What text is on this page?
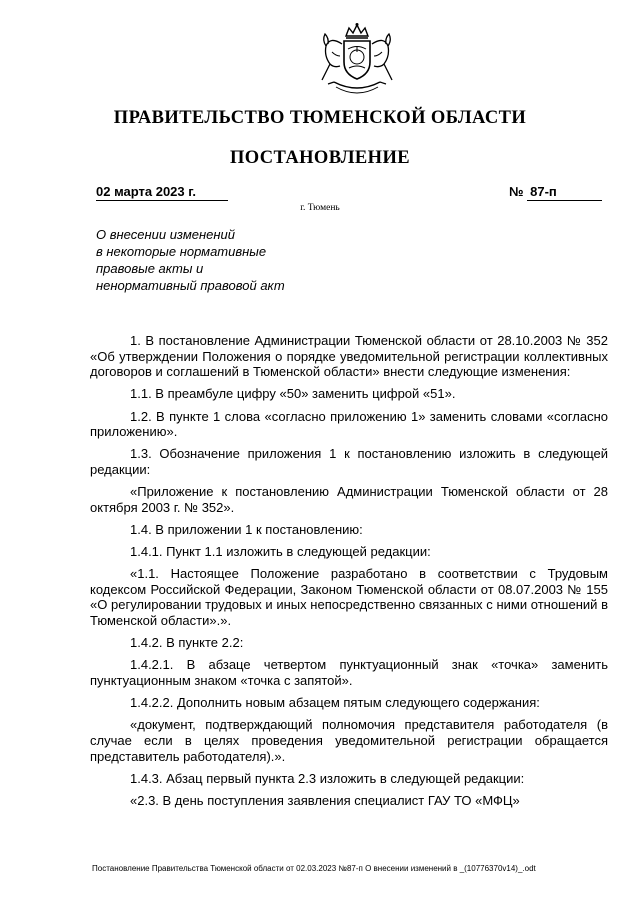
ПРАВИТЕЛЬСТВО ТЮМЕНСКОЙ ОБЛАСТИ
ПОСТАНОВЛЕНИЕ
02 марта 2023 г.	№ 87-п
г. Тюмень
О внесении изменений
в некоторые нормативные
правовые акты и
ненормативный правовой акт

1. В постановление Администрации Тюменской области от 28.10.2003 № 352 «Об утверждении Положения о порядке уведомительной регистрации коллективных договоров и соглашений в Тюменской области» внести следующие изменения:

1.1. В преамбуле цифру «50» заменить цифрой «51».

1.2. В пункте 1 слова «согласно приложению 1» заменить словами «согласно приложению».

1.3. Обозначение приложения 1 к постановлению изложить в следующей редакции:

«Приложение к постановлению Администрации Тюменской области от 28 октября 2003 г. № 352».

1.4. В приложении 1 к постановлению:

1.4.1. Пункт 1.1 изложить в следующей редакции:

«1.1. Настоящее Положение разработано в соответствии с Трудовым кодексом Российской Федерации, Законом Тюменской области от 08.07.2003 № 155 «О регулировании трудовых и иных непосредственно связанных с ними отношений в Тюменской области».».

1.4.2. В пункте 2.2:

1.4.2.1. В абзаце четвертом пунктуационный знак «точка» заменить пунктуационным знаком «точка с запятой».

1.4.2.2. Дополнить новым абзацем пятым следующего содержания:

«документ, подтверждающий полномочия представителя работодателя (в случае если в целях проведения уведомительной регистрации обращается представитель работодателя).».

1.4.3. Абзац первый пункта 2.3 изложить в следующей редакции:

«2.3. В день поступления заявления специалист ГАУ ТО «МФЦ»

Постановление Правительства Тюменской области от 02.03.2023 №87-п О внесении изменений в _(10776370v14)_.odt
